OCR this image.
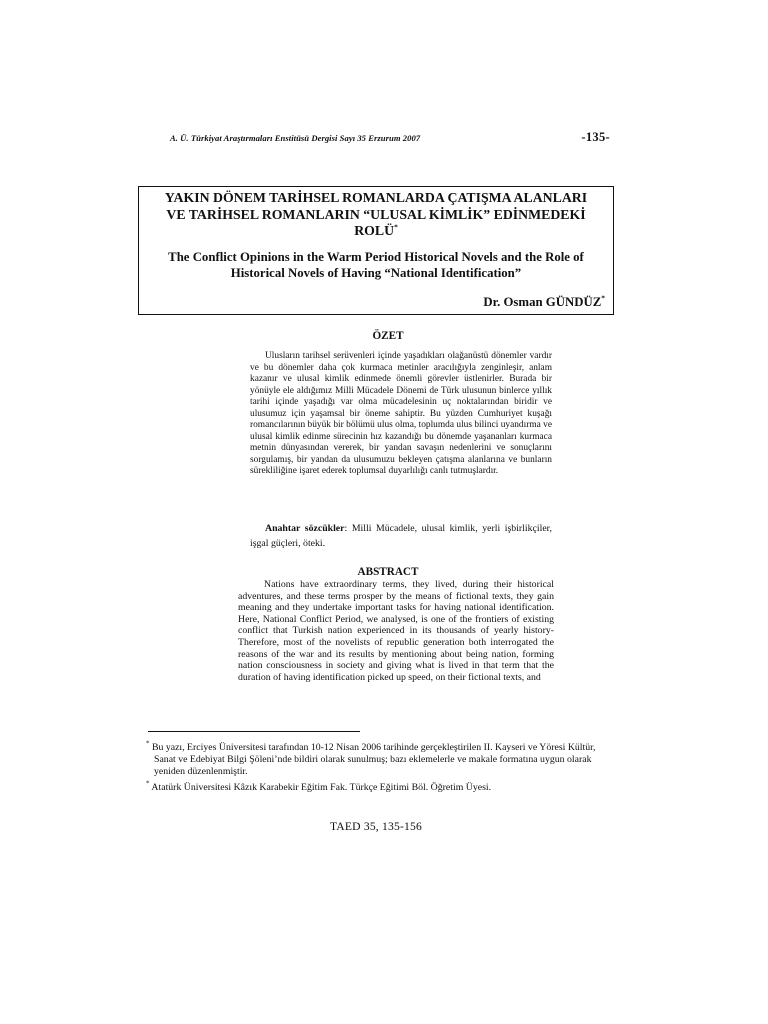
A. Ü. Türkiyat Araştırmaları Enstitüsü Dergisi Sayı 35 Erzurum 2007	-135-
YAKIN DÖNEM TARİHSEL ROMANLARDA ÇATIŞMA ALANLARI
VE TARİHSEL ROMANLARIN “ULUSAL KİMLİK” EDİNMEDEKİ
ROLÜ*
The Conflict Opinions in the Warm Period Historical Novels and the Role of
Historical Novels of Having “National Identification”
Dr. Osman GÜNDÜZ*
ÖZET
Ulusların tarihsel serüvenleri içinde yaşadıkları olağanüstü dönemler vardır ve bu dönemler daha çok kurmaca metinler aracılığıyla zenginleşir, anlam kazanır ve ulusal kimlik edinmede önemli görevler üstlenirler. Burada bir yönüyle ele aldığımız Milli Mücadele Dönemi de Türk ulusunun binlerce yıllık tarihi içinde yaşadığı var olma mücadelesinin uç noktalarından biridir ve ulusumuz için yaşamsal bir öneme sahiptir. Bu yüzden Cumhuriyet kuşağı romancılarının büyük bir bölümü ulus olma, toplumda ulus bilinci uyandırma ve ulusal kimlik edinme sürecinin hız kazandığı bu dönemde yaşananları kurmaca metnin dünyasından vererek, bir yandan savaşın nedenlerini ve sonuçlarını sorgulamış, bir yandan da ulusumuzu bekleyen çatışma alanlarına ve bunların sürekliliğine işaret ederek toplumsal duyarlılığı canlı tutmuşlardır.
Anahtar sözcükler: Milli Mücadele, ulusal kimlik, yerli işbirlikçiler, işgal güçleri, öteki.
ABSTRACT
Nations have extraordinary terms, they lived, during their historical adventures, and these terms prosper by the means of fictional texts, they gain meaning and they undertake important tasks for having national identification. Here, National Conflict Period, we analysed, is one of the frontiers of existing conflict that Turkish nation experienced in its thousands of yearly history- Therefore, most of the novelists of republic generation both interrogated the reasons of the war and its results by mentioning about being nation, forming nation consciousness in society and giving what is lived in that term that the duration of having identification picked up speed, on their fictional texts, and
* Bu yazı, Erciyes Üniversitesi tarafından 10-12 Nisan 2006 tarihinde gerçekleştirilen II. Kayseri ve Yöresi Kültür, Sanat ve Edebiyat Bilgi Şöleni’nde bildiri olarak sunulmuş; bazı eklemelerle ve makale formatına uygun olarak yeniden düzenlenmiştir.
* Atatürk Üniversitesi Kâzık Karabekir Eğitim Fak. Türkçe Eğitimi Böl. Öğretim Üyesi.
TAED 35, 135-156
